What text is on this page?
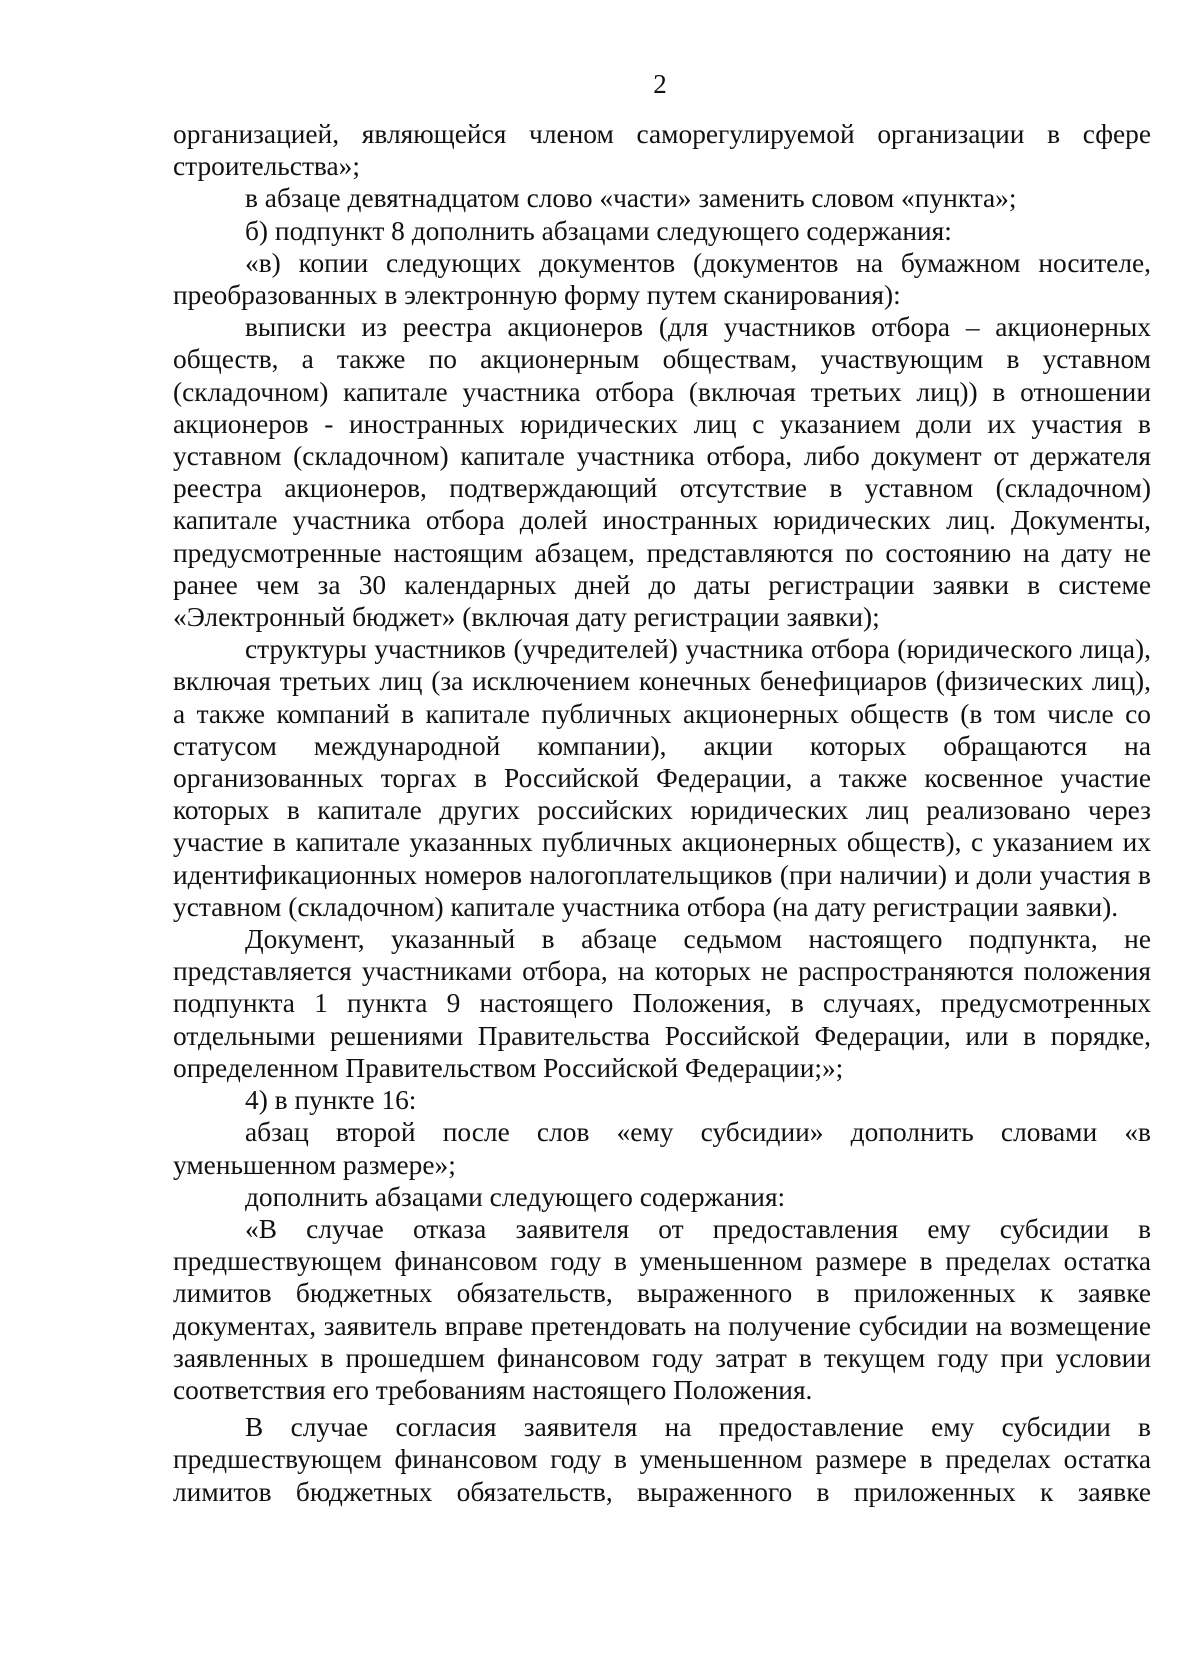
2

организацией, являющейся членом саморегулируемой организации в сфере строительства»;

в абзаце девятнадцатом слово «части» заменить словом «пункта»;

б) подпункт 8 дополнить абзацами следующего содержания:

«в) копии следующих документов (документов на бумажном носителе, преобразованных в электронную форму путем сканирования):

выписки из реестра акционеров (для участников отбора – акционерных обществ, а также по акционерным обществам, участвующим в уставном (складочном) капитале участника отбора (включая третьих лиц)) в отношении акционеров - иностранных юридических лиц с указанием доли их участия в уставном (складочном) капитале участника отбора, либо документ от держателя реестра акционеров, подтверждающий отсутствие в уставном (складочном) капитале участника отбора долей иностранных юридических лиц. Документы, предусмотренные настоящим абзацем, представляются по состоянию на дату не ранее чем за 30 календарных дней до даты регистрации заявки в системе «Электронный бюджет» (включая дату регистрации заявки);

структуры участников (учредителей) участника отбора (юридического лица), включая третьих лиц (за исключением конечных бенефициаров (физических лиц), а также компаний в капитале публичных акционерных обществ (в том числе со статусом международной компании), акции которых обращаются на организованных торгах в Российской Федерации, а также косвенное участие которых в капитале других российских юридических лиц реализовано через участие в капитале указанных публичных акционерных обществ), с указанием их идентификационных номеров налогоплательщиков (при наличии) и доли участия в уставном (складочном) капитале участника отбора (на дату регистрации заявки).

Документ, указанный в абзаце седьмом настоящего подпункта, не представляется участниками отбора, на которых не распространяются положения подпункта 1 пункта 9 настоящего Положения, в случаях, предусмотренных отдельными решениями Правительства Российской Федерации, или в порядке, определенном Правительством Российской Федерации;»;

4) в пункте 16:

абзац второй после слов «ему субсидии» дополнить словами «в уменьшенном размере»;

дополнить абзацами следующего содержания:

«В случае отказа заявителя от предоставления ему субсидии в предшествующем финансовом году в уменьшенном размере в пределах остатка лимитов бюджетных обязательств, выраженного в приложенных к заявке документах, заявитель вправе претендовать на получение субсидии на возмещение заявленных в прошедшем финансовом году затрат в текущем году при условии соответствия его требованиям настоящего Положения.

В случае согласия заявителя на предоставление ему субсидии в предшествующем финансовом году в уменьшенном размере в пределах остатка лимитов бюджетных обязательств, выраженного в приложенных к заявке
